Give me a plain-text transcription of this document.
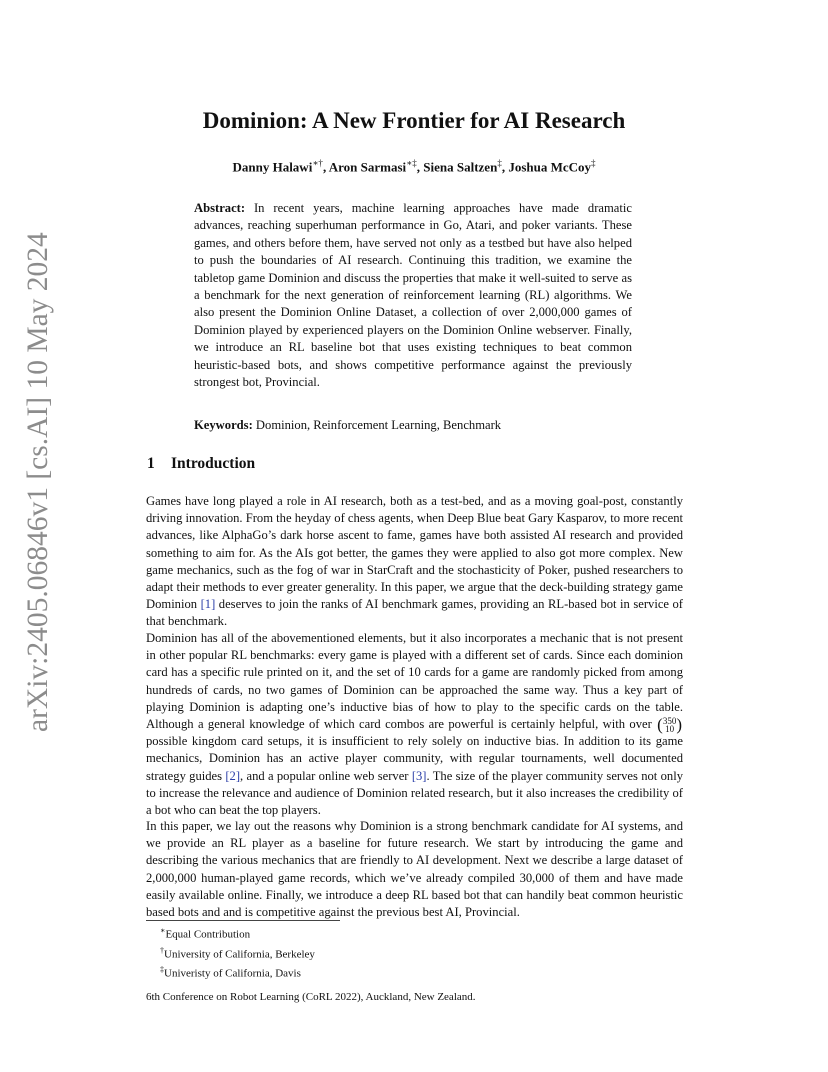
arXiv:2405.06846v1 [cs.AI] 10 May 2024
Dominion: A New Frontier for AI Research
Danny Halawi∗†, Aron Sarmasi∗‡, Siena Saltzen‡, Joshua McCoy‡
Abstract: In recent years, machine learning approaches have made dramatic advances, reaching superhuman performance in Go, Atari, and poker variants. These games, and others before them, have served not only as a testbed but have also helped to push the boundaries of AI research. Continuing this tradition, we examine the tabletop game Dominion and discuss the properties that make it well-suited to serve as a benchmark for the next generation of reinforcement learning (RL) algorithms. We also present the Dominion Online Dataset, a collection of over 2,000,000 games of Dominion played by experienced players on the Dominion Online webserver. Finally, we introduce an RL baseline bot that uses existing techniques to beat common heuristic-based bots, and shows competitive performance against the previously strongest bot, Provincial.
Keywords: Dominion, Reinforcement Learning, Benchmark
1 Introduction

Games have long played a role in AI research, both as a test-bed, and as a moving goal-post, constantly driving innovation. From the heyday of chess agents, when Deep Blue beat Gary Kasparov, to more recent advances, like AlphaGo’s dark horse ascent to fame, games have both assisted AI research and provided something to aim for. As the AIs got better, the games they were applied to also got more complex. New game mechanics, such as the fog of war in StarCraft and the stochasticity of Poker, pushed researchers to adapt their methods to ever greater generality. In this paper, we argue that the deck-building strategy game Dominion [1] deserves to join the ranks of AI benchmark games, providing an RL-based bot in service of that benchmark.

Dominion has all of the abovementioned elements, but it also incorporates a mechanic that is not present in other popular RL benchmarks: every game is played with a different set of cards. Since each dominion card has a specific rule printed on it, and the set of 10 cards for a game are randomly picked from among hundreds of cards, no two games of Dominion can be approached the same way. Thus a key part of playing Dominion is adapting one’s inductive bias of how to play to the specific cards on the table. Although a general knowledge of which card combos are powerful is certainly helpful, with over (350
10 ) possible kingdom card setups, it is insufficient to rely solely on inductive bias. In addition to its game mechanics, Dominion has an active player community, with regular tournaments, well documented strategy guides [2], and a popular online web server [3]. The size of the player community serves not only to increase the relevance and audience of Dominion related research, but it also increases the credibility of a bot who can beat the top players.

In this paper, we lay out the reasons why Dominion is a strong benchmark candidate for AI systems, and we provide an RL player as a baseline for future research. We start by introducing the game and describing the various mechanics that are friendly to AI development. Next we describe a large dataset of 2,000,000 human-played game records, which we’ve already compiled 30,000 of them and have made easily available online. Finally, we introduce a deep RL based bot that can handily beat common heuristic based bots and and is competitive against the previous best AI, Provincial.

∗Equal Contribution
†University of California, Berkeley
‡Univeristy of California, Davis
6th Conference on Robot Learning (CoRL 2022), Auckland, New Zealand.
